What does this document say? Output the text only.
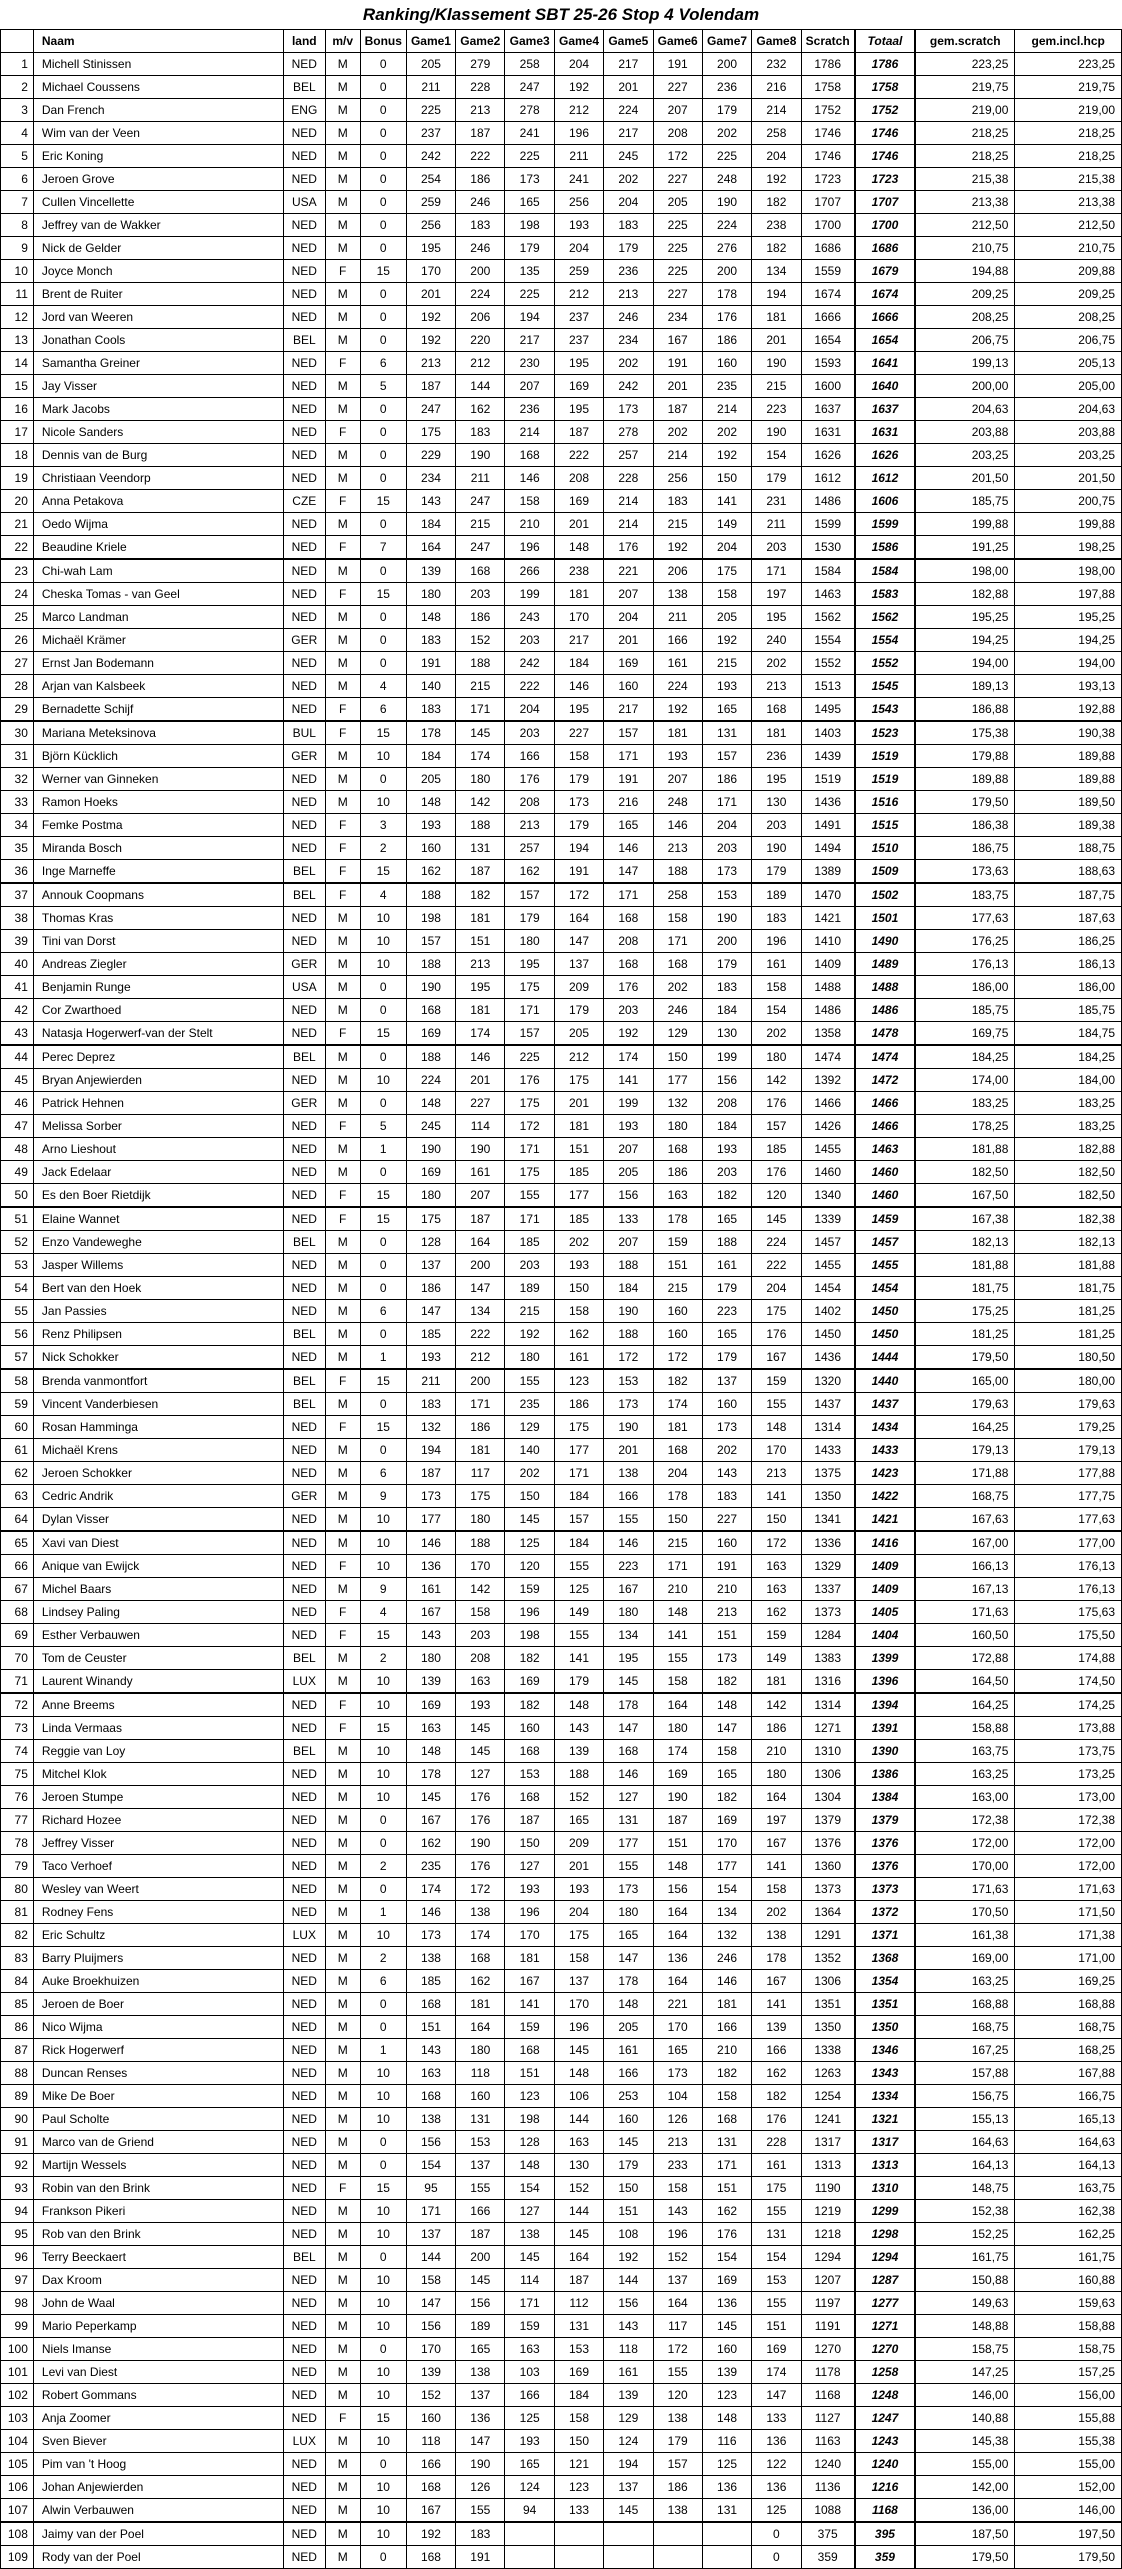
Ranking/Klassement SBT 25-26 Stop 4 Volendam
	Naam	land	m/v	Bonus	Game1	Game2	Game3	Game4	Game5	Game6	Game7	Game8	Scratch	Totaal	gem.scratch	gem.incl.hcp
1	Michell Stinissen	NED	M	0	205	279	258	204	217	191	200	232	1786	1786	223,25	223,25
2	Michael Coussens	BEL	M	0	211	228	247	192	201	227	236	216	1758	1758	219,75	219,75
3	Dan French	ENG	M	0	225	213	278	212	224	207	179	214	1752	1752	219,00	219,00
4	Wim van der Veen	NED	M	0	237	187	241	196	217	208	202	258	1746	1746	218,25	218,25
5	Eric Koning	NED	M	0	242	222	225	211	245	172	225	204	1746	1746	218,25	218,25
6	Jeroen Grove	NED	M	0	254	186	173	241	202	227	248	192	1723	1723	215,38	215,38
7	Cullen Vincellette	USA	M	0	259	246	165	256	204	205	190	182	1707	1707	213,38	213,38
8	Jeffrey van de Wakker	NED	M	0	256	183	198	193	183	225	224	238	1700	1700	212,50	212,50
9	Nick de Gelder	NED	M	0	195	246	179	204	179	225	276	182	1686	1686	210,75	210,75
10	Joyce Monch	NED	F	15	170	200	135	259	236	225	200	134	1559	1679	194,88	209,88
11	Brent de Ruiter	NED	M	0	201	224	225	212	213	227	178	194	1674	1674	209,25	209,25
12	Jord van Weeren	NED	M	0	192	206	194	237	246	234	176	181	1666	1666	208,25	208,25
13	Jonathan Cools	BEL	M	0	192	220	217	237	234	167	186	201	1654	1654	206,75	206,75
14	Samantha Greiner	NED	F	6	213	212	230	195	202	191	160	190	1593	1641	199,13	205,13
15	Jay Visser	NED	M	5	187	144	207	169	242	201	235	215	1600	1640	200,00	205,00
16	Mark Jacobs	NED	M	0	247	162	236	195	173	187	214	223	1637	1637	204,63	204,63
17	Nicole Sanders	NED	F	0	175	183	214	187	278	202	202	190	1631	1631	203,88	203,88
18	Dennis van de Burg	NED	M	0	229	190	168	222	257	214	192	154	1626	1626	203,25	203,25
19	Christiaan Veendorp	NED	M	0	234	211	146	208	228	256	150	179	1612	1612	201,50	201,50
20	Anna Petakova	CZE	F	15	143	247	158	169	214	183	141	231	1486	1606	185,75	200,75
21	Oedo Wijma	NED	M	0	184	215	210	201	214	215	149	211	1599	1599	199,88	199,88
22	Beaudine Kriele	NED	F	7	164	247	196	148	176	192	204	203	1530	1586	191,25	198,25
23	Chi-wah Lam	NED	M	0	139	168	266	238	221	206	175	171	1584	1584	198,00	198,00
24	Cheska Tomas - van Geel	NED	F	15	180	203	199	181	207	138	158	197	1463	1583	182,88	197,88
25	Marco Landman	NED	M	0	148	186	243	170	204	211	205	195	1562	1562	195,25	195,25
26	Michaël Krämer	GER	M	0	183	152	203	217	201	166	192	240	1554	1554	194,25	194,25
27	Ernst Jan Bodemann	NED	M	0	191	188	242	184	169	161	215	202	1552	1552	194,00	194,00
28	Arjan van Kalsbeek	NED	M	4	140	215	222	146	160	224	193	213	1513	1545	189,13	193,13
29	Bernadette Schijf	NED	F	6	183	171	204	195	217	192	165	168	1495	1543	186,88	192,88
30	Mariana Meteksinova	BUL	F	15	178	145	203	227	157	181	131	181	1403	1523	175,38	190,38
31	Björn Kücklich	GER	M	10	184	174	166	158	171	193	157	236	1439	1519	179,88	189,88
32	Werner van Ginneken	NED	M	0	205	180	176	179	191	207	186	195	1519	1519	189,88	189,88
33	Ramon Hoeks	NED	M	10	148	142	208	173	216	248	171	130	1436	1516	179,50	189,50
34	Femke Postma	NED	F	3	193	188	213	179	165	146	204	203	1491	1515	186,38	189,38
35	Miranda Bosch	NED	F	2	160	131	257	194	146	213	203	190	1494	1510	186,75	188,75
36	Inge Marneffe	BEL	F	15	162	187	162	191	147	188	173	179	1389	1509	173,63	188,63
37	Annouk Coopmans	BEL	F	4	188	182	157	172	171	258	153	189	1470	1502	183,75	187,75
38	Thomas Kras	NED	M	10	198	181	179	164	168	158	190	183	1421	1501	177,63	187,63
39	Tini van Dorst	NED	M	10	157	151	180	147	208	171	200	196	1410	1490	176,25	186,25
40	Andreas Ziegler	GER	M	10	188	213	195	137	168	168	179	161	1409	1489	176,13	186,13
41	Benjamin Runge	USA	M	0	190	195	175	209	176	202	183	158	1488	1488	186,00	186,00
42	Cor Zwarthoed	NED	M	0	168	181	171	179	203	246	184	154	1486	1486	185,75	185,75
43	Natasja Hogerwerf-van der Stelt	NED	F	15	169	174	157	205	192	129	130	202	1358	1478	169,75	184,75
44	Perec Deprez	BEL	M	0	188	146	225	212	174	150	199	180	1474	1474	184,25	184,25
45	Bryan Anjewierden	NED	M	10	224	201	176	175	141	177	156	142	1392	1472	174,00	184,00
46	Patrick Hehnen	GER	M	0	148	227	175	201	199	132	208	176	1466	1466	183,25	183,25
47	Melissa Sorber	NED	F	5	245	114	172	181	193	180	184	157	1426	1466	178,25	183,25
48	Arno Lieshout	NED	M	1	190	190	171	151	207	168	193	185	1455	1463	181,88	182,88
49	Jack Edelaar	NED	M	0	169	161	175	185	205	186	203	176	1460	1460	182,50	182,50
50	Es den Boer Rietdijk	NED	F	15	180	207	155	177	156	163	182	120	1340	1460	167,50	182,50
51	Elaine Wannet	NED	F	15	175	187	171	185	133	178	165	145	1339	1459	167,38	182,38
52	Enzo Vandeweghe	BEL	M	0	128	164	185	202	207	159	188	224	1457	1457	182,13	182,13
53	Jasper Willems	NED	M	0	137	200	203	193	188	151	161	222	1455	1455	181,88	181,88
54	Bert van den Hoek	NED	M	0	186	147	189	150	184	215	179	204	1454	1454	181,75	181,75
55	Jan Passies	NED	M	6	147	134	215	158	190	160	223	175	1402	1450	175,25	181,25
56	Renz Philipsen	BEL	M	0	185	222	192	162	188	160	165	176	1450	1450	181,25	181,25
57	Nick Schokker	NED	M	1	193	212	180	161	172	172	179	167	1436	1444	179,50	180,50
58	Brenda vanmontfort	BEL	F	15	211	200	155	123	153	182	137	159	1320	1440	165,00	180,00
59	Vincent Vanderbiesen	BEL	M	0	183	171	235	186	173	174	160	155	1437	1437	179,63	179,63
60	Rosan Hamminga	NED	F	15	132	186	129	175	190	181	173	148	1314	1434	164,25	179,25
61	Michaël Krens	NED	M	0	194	181	140	177	201	168	202	170	1433	1433	179,13	179,13
62	Jeroen Schokker	NED	M	6	187	117	202	171	138	204	143	213	1375	1423	171,88	177,88
63	Cedric Andrik	GER	M	9	173	175	150	184	166	178	183	141	1350	1422	168,75	177,75
64	Dylan Visser	NED	M	10	177	180	145	157	155	150	227	150	1341	1421	167,63	177,63
65	Xavi van Diest	NED	M	10	146	188	125	184	146	215	160	172	1336	1416	167,00	177,00
66	Anique van Ewijck	NED	F	10	136	170	120	155	223	171	191	163	1329	1409	166,13	176,13
67	Michel Baars	NED	M	9	161	142	159	125	167	210	210	163	1337	1409	167,13	176,13
68	Lindsey Paling	NED	F	4	167	158	196	149	180	148	213	162	1373	1405	171,63	175,63
69	Esther Verbauwen	NED	F	15	143	203	198	155	134	141	151	159	1284	1404	160,50	175,50
70	Tom de Ceuster	BEL	M	2	180	208	182	141	195	155	173	149	1383	1399	172,88	174,88
71	Laurent Winandy	LUX	M	10	139	163	169	179	145	158	182	181	1316	1396	164,50	174,50
72	Anne Breems	NED	F	10	169	193	182	148	178	164	148	142	1314	1394	164,25	174,25
73	Linda Vermaas	NED	F	15	163	145	160	143	147	180	147	186	1271	1391	158,88	173,88
74	Reggie van Loy	BEL	M	10	148	145	168	139	168	174	158	210	1310	1390	163,75	173,75
75	Mitchel Klok	NED	M	10	178	127	153	188	146	169	165	180	1306	1386	163,25	173,25
76	Jeroen Stumpe	NED	M	10	145	176	168	152	127	190	182	164	1304	1384	163,00	173,00
77	Richard Hozee	NED	M	0	167	176	187	165	131	187	169	197	1379	1379	172,38	172,38
78	Jeffrey Visser	NED	M	0	162	190	150	209	177	151	170	167	1376	1376	172,00	172,00
79	Taco Verhoef	NED	M	2	235	176	127	201	155	148	177	141	1360	1376	170,00	172,00
80	Wesley van Weert	NED	M	0	174	172	193	193	173	156	154	158	1373	1373	171,63	171,63
81	Rodney Fens	NED	M	1	146	138	196	204	180	164	134	202	1364	1372	170,50	171,50
82	Eric Schultz	LUX	M	10	173	174	170	175	165	164	132	138	1291	1371	161,38	171,38
83	Barry Pluijmers	NED	M	2	138	168	181	158	147	136	246	178	1352	1368	169,00	171,00
84	Auke Broekhuizen	NED	M	6	185	162	167	137	178	164	146	167	1306	1354	163,25	169,25
85	Jeroen de Boer	NED	M	0	168	181	141	170	148	221	181	141	1351	1351	168,88	168,88
86	Nico Wijma	NED	M	0	151	164	159	196	205	170	166	139	1350	1350	168,75	168,75
87	Rick Hogerwerf	NED	M	1	143	180	168	145	161	165	210	166	1338	1346	167,25	168,25
88	Duncan Renses	NED	M	10	163	118	151	148	166	173	182	162	1263	1343	157,88	167,88
89	Mike De Boer	NED	M	10	168	160	123	106	253	104	158	182	1254	1334	156,75	166,75
90	Paul Scholte	NED	M	10	138	131	198	144	160	126	168	176	1241	1321	155,13	165,13
91	Marco van de Griend	NED	M	0	156	153	128	163	145	213	131	228	1317	1317	164,63	164,63
92	Martijn Wessels	NED	M	0	154	137	148	130	179	233	171	161	1313	1313	164,13	164,13
93	Robin van den Brink	NED	F	15	95	155	154	152	150	158	151	175	1190	1310	148,75	163,75
94	Frankson Pikeri	NED	M	10	171	166	127	144	151	143	162	155	1219	1299	152,38	162,38
95	Rob van den Brink	NED	M	10	137	187	138	145	108	196	176	131	1218	1298	152,25	162,25
96	Terry Beeckaert	BEL	M	0	144	200	145	164	192	152	154	154	1294	1294	161,75	161,75
97	Dax Kroom	NED	M	10	158	145	114	187	144	137	169	153	1207	1287	150,88	160,88
98	John de Waal	NED	M	10	147	156	171	112	156	164	136	155	1197	1277	149,63	159,63
99	Mario Peperkamp	NED	M	10	156	189	159	131	143	117	145	151	1191	1271	148,88	158,88
100	Niels Imanse	NED	M	0	170	165	163	153	118	172	160	169	1270	1270	158,75	158,75
101	Levi van Diest	NED	M	10	139	138	103	169	161	155	139	174	1178	1258	147,25	157,25
102	Robert Gommans	NED	M	10	152	137	166	184	139	120	123	147	1168	1248	146,00	156,00
103	Anja Zoomer	NED	F	15	160	136	125	158	129	138	148	133	1127	1247	140,88	155,88
104	Sven Biever	LUX	M	10	118	147	193	150	124	179	116	136	1163	1243	145,38	155,38
105	Pim van 't Hoog	NED	M	0	166	190	165	121	194	157	125	122	1240	1240	155,00	155,00
106	Johan Anjewierden	NED	M	10	168	126	124	123	137	186	136	136	1136	1216	142,00	152,00
107	Alwin Verbauwen	NED	M	10	167	155	94	133	145	138	131	125	1088	1168	136,00	146,00
108	Jaimy van der Poel	NED	M	10	192	183						0	375	395	187,50	197,50
109	Rody van der Poel	NED	M	0	168	191						0	359	359	179,50	179,50
